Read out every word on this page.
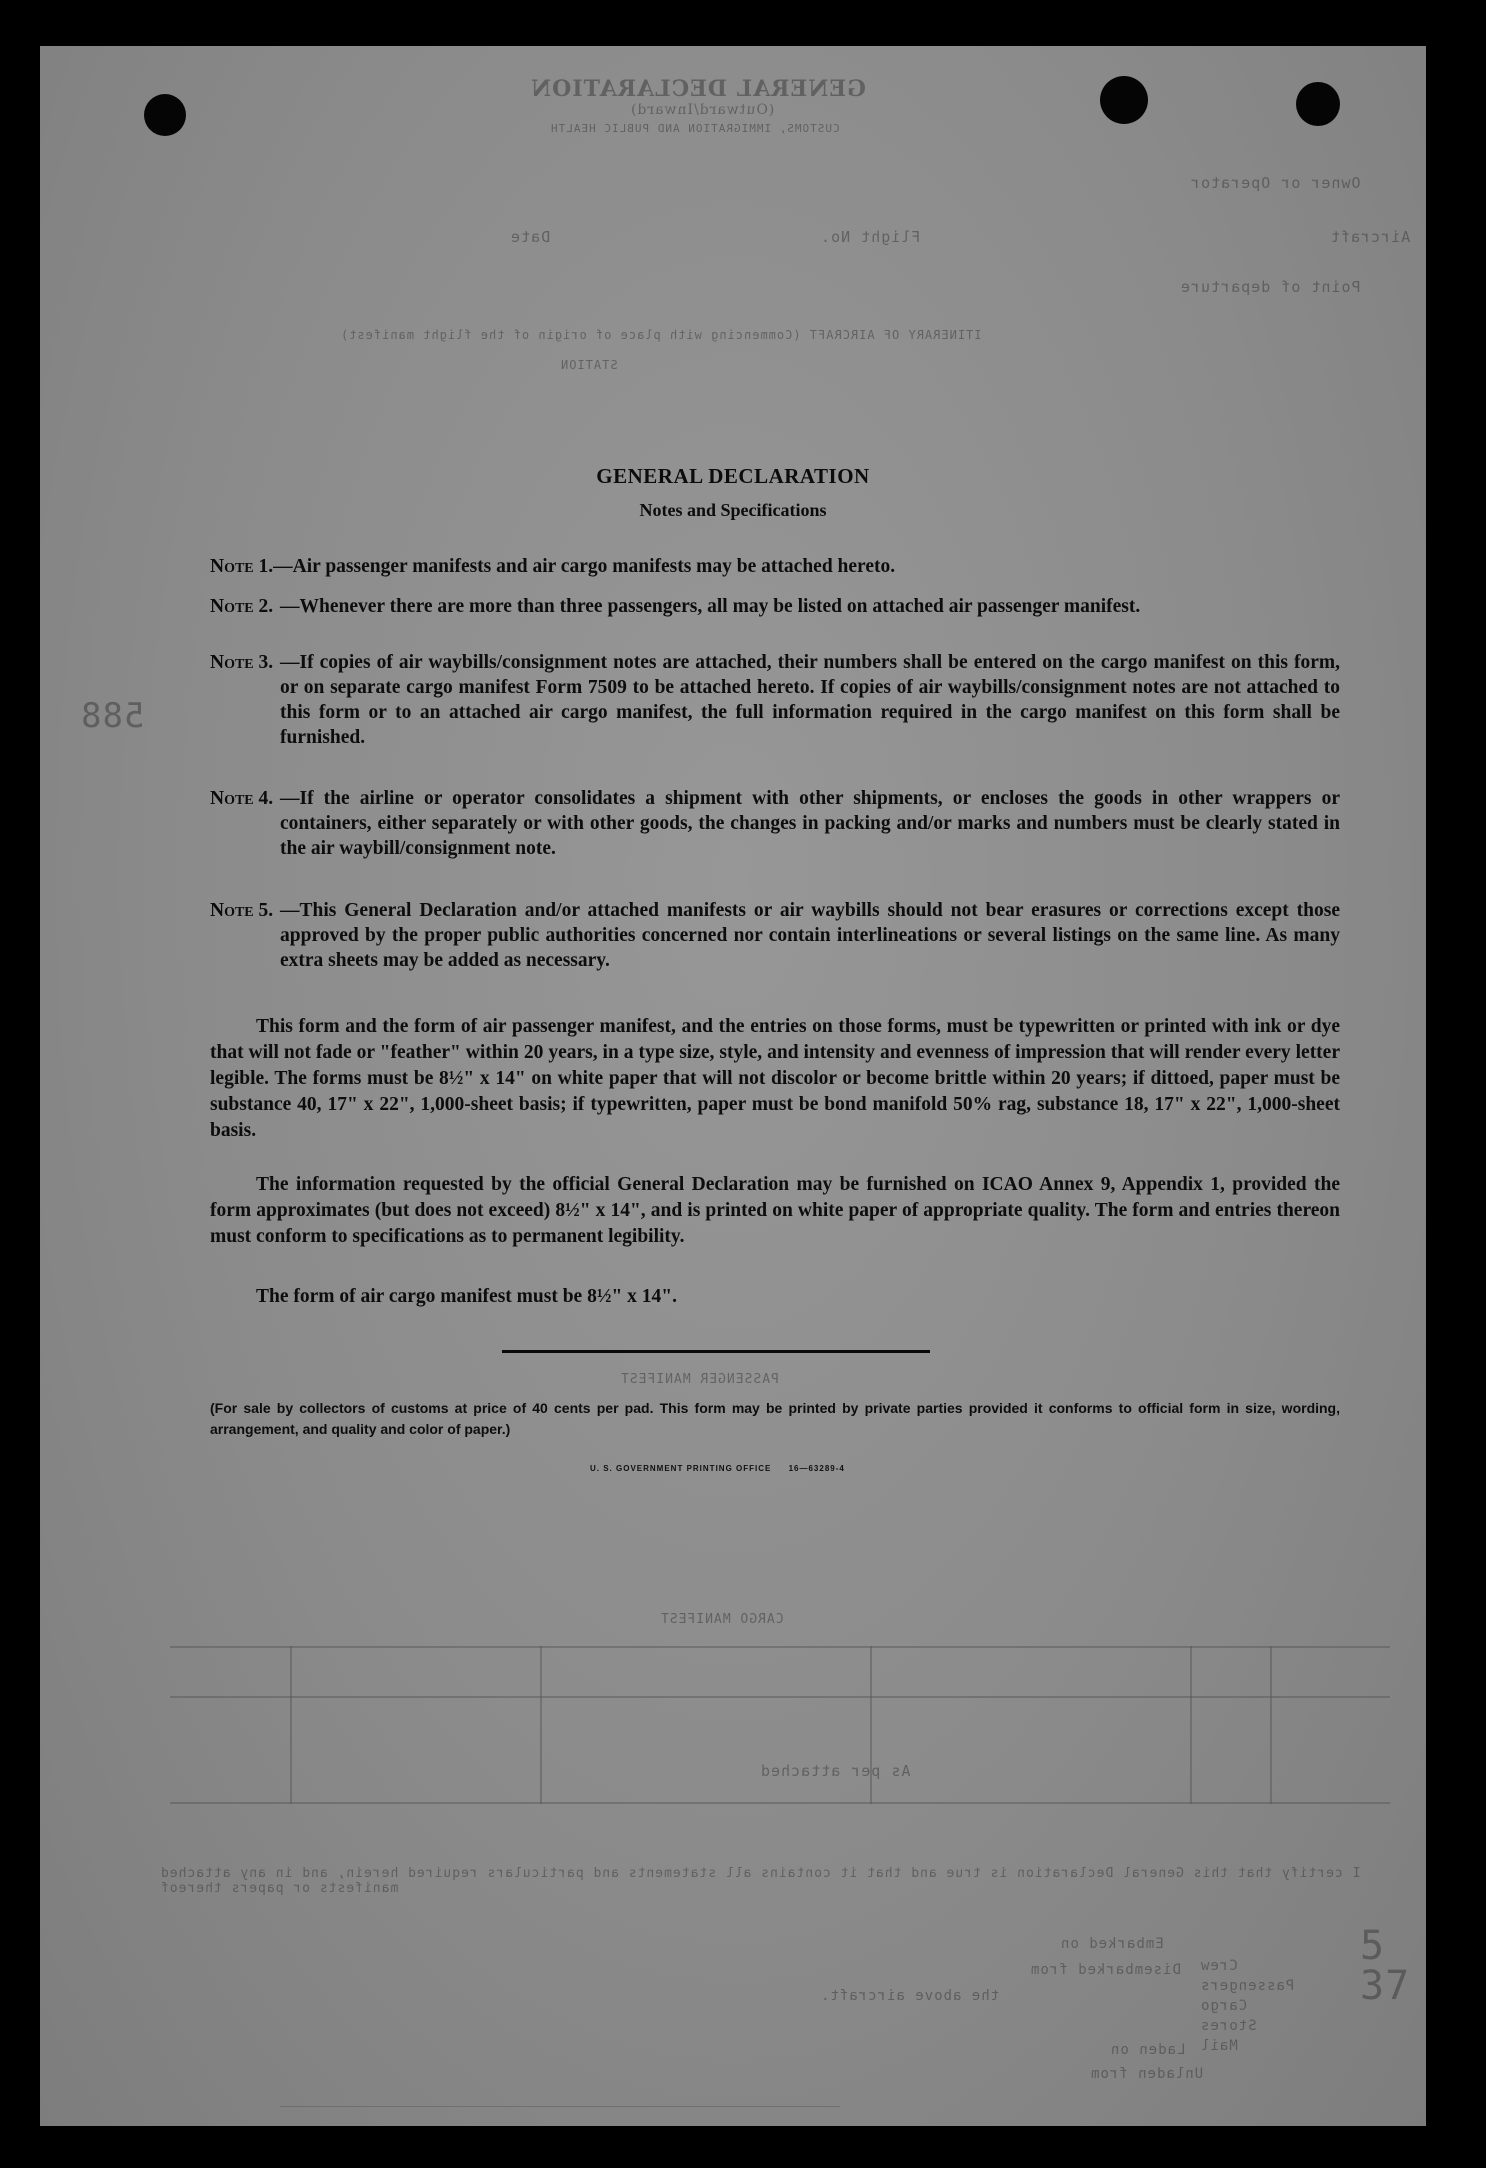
GENERAL DECLARATION
(Outward/Inward)
CUSTOMS, IMMIGRATION AND PUBLIC HEALTH
Owner or Operator
Aircraft
Flight No.
Date
Point of departure
ITINERARY OF AIRCRAFT (Commencing with place of origin of the flight manifest)
STATION
588
PASSENGER MANIFEST
CARGO MANIFEST
As per attached
I certify that this General Declaration is true and that it contains all statements and particulars required herein, and in any attached manifests or papers thereof
Embarked on
Disembarked from
the above aircraft.
Laden on
Unladen from
Crew Passengers Cargo Stores Mail
5
37
GENERAL DECLARATION
Notes and Specifications
Note 1.—Air passenger manifests and air cargo manifests may be attached hereto.
Note 2. —Whenever there are more than three passengers, all may be listed on attached air passenger manifest.
Note 3. —If copies of air waybills/consignment notes are attached, their numbers shall be entered on the cargo manifest on this form, or on separate cargo manifest Form 7509 to be attached hereto. If copies of air waybills/consignment notes are not attached to this form or to an attached air cargo manifest, the full information required in the cargo manifest on this form shall be furnished.
Note 4. —If the airline or operator consolidates a shipment with other shipments, or encloses the goods in other wrappers or containers, either separately or with other goods, the changes in packing and/or marks and numbers must be clearly stated in the air waybill/consignment note.
Note 5. —This General Declaration and/or attached manifests or air waybills should not bear erasures or corrections except those approved by the proper public authorities concerned nor contain interlineations or several listings on the same line. As many extra sheets may be added as necessary.
This form and the form of air passenger manifest, and the entries on those forms, must be typewritten or printed with ink or dye that will not fade or "feather" within 20 years, in a type size, style, and intensity and evenness of impression that will render every letter legible. The forms must be 8½" x 14" on white paper that will not discolor or become brittle within 20 years; if dittoed, paper must be substance 40, 17" x 22", 1,000-sheet basis; if typewritten, paper must be bond manifold 50% rag, substance 18, 17" x 22", 1,000-sheet basis.
The information requested by the official General Declaration may be furnished on ICAO Annex 9, Appendix 1, provided the form approximates (but does not exceed) 8½" x 14", and is printed on white paper of appropriate quality. The form and entries thereon must conform to specifications as to permanent legibility.
The form of air cargo manifest must be 8½" x 14".
(For sale by collectors of customs at price of 40 cents per pad. This form may be printed by private parties provided it conforms to official form in size, wording, arrangement, and quality and color of paper.)
U. S. GOVERNMENT PRINTING OFFICE 16—63289-4
